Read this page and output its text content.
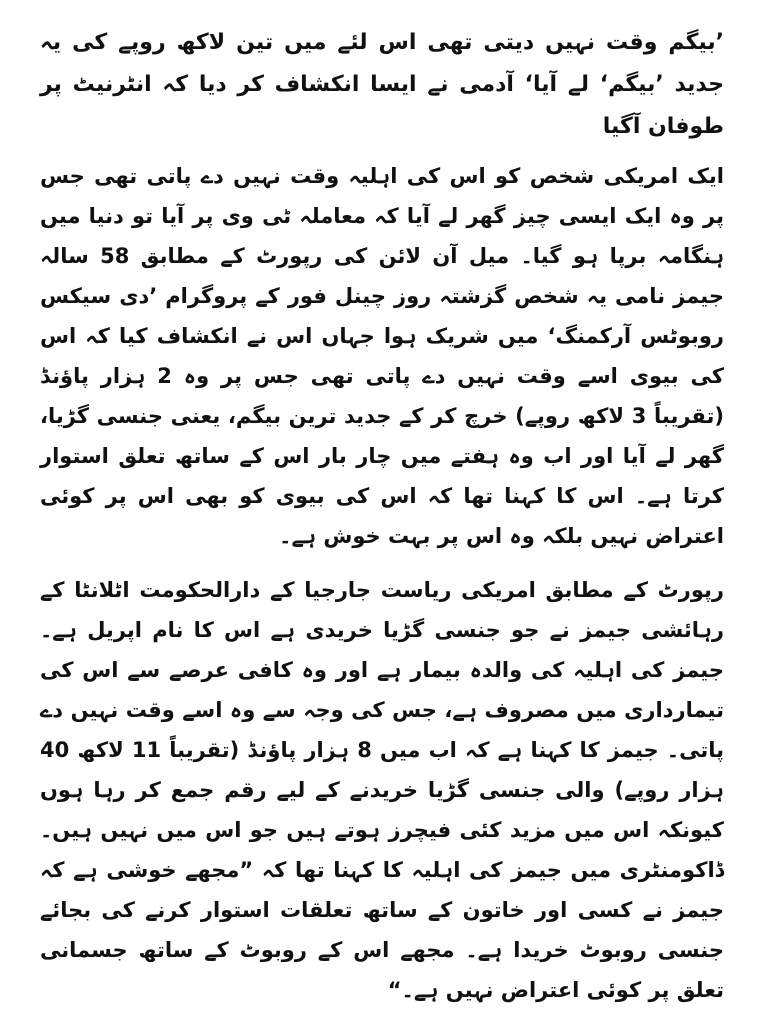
’بیگم وقت نہیں دیتی تھی اس لئے میں تین لاکھ روپے کی یہ جدید ’بیگم‘ لے آیا‘ آدمی نے ایسا انکشاف کر دیا کہ انٹرنیٹ پر طوفان آگیا
ایک امریکی شخص کو اس کی اہلیہ وقت نہیں دے پاتی تھی جس پر وہ ایک ایسی چیز گھر لے آیا کہ معاملہ ٹی وی پر آیا تو دنیا میں ہنگامہ برپا ہو گیا۔ میل آن لائن کی رپورٹ کے مطابق 58 سالہ جیمز نامی یہ شخص گزشتہ روز چینل فور کے پروگرام ’دی سیکس روبوٹس آرکمنگ‘ میں شریک ہوا جہاں اس نے انکشاف کیا کہ اس کی بیوی اسے وقت نہیں دے پاتی تھی جس پر وہ 2 ہزار پاﺅنڈ (تقریباً 3 لاکھ روپے) خرچ کر کے جدید ترین بیگم، یعنی جنسی گڑیا، گھر لے آیا اور اب وہ ہفتے میں چار بار اس کے ساتھ تعلق استوار کرتا ہے۔ اس کا کہنا تھا کہ اس کی بیوی کو بھی اس پر کوئی اعتراض نہیں بلکہ وہ اس پر بہت خوش ہے۔
رپورٹ کے مطابق امریکی ریاست جارجیا کے دارالحکومت اٹلانٹا کے رہائشی جیمز نے جو جنسی گڑیا خریدی ہے اس کا نام اپریل ہے۔ جیمز کی اہلیہ کی والدہ بیمار ہے اور وہ کافی عرصے سے اس کی تیمارداری میں مصروف ہے، جس کی وجہ سے وہ اسے وقت نہیں دے پاتی۔ جیمز کا کہنا ہے کہ اب میں 8 ہزار پاﺅنڈ (تقریباً 11 لاکھ 40 ہزار روپے) والی جنسی گڑیا خریدنے کے لیے رقم جمع کر رہا ہوں کیونکہ اس میں مزید کئی فیچرز ہوتے ہیں جو اس میں نہیں ہیں۔ ڈاکومنٹری میں جیمز کی اہلیہ کا کہنا تھا کہ ”مجھے خوشی ہے کہ جیمز نے کسی اور خاتون کے ساتھ تعلقات استوار کرنے کی بجائے جنسی روبوٹ خریدا ہے۔ مجھے اس کے روبوٹ کے ساتھ جسمانی تعلق پر کوئی اعتراض نہیں ہے۔“
